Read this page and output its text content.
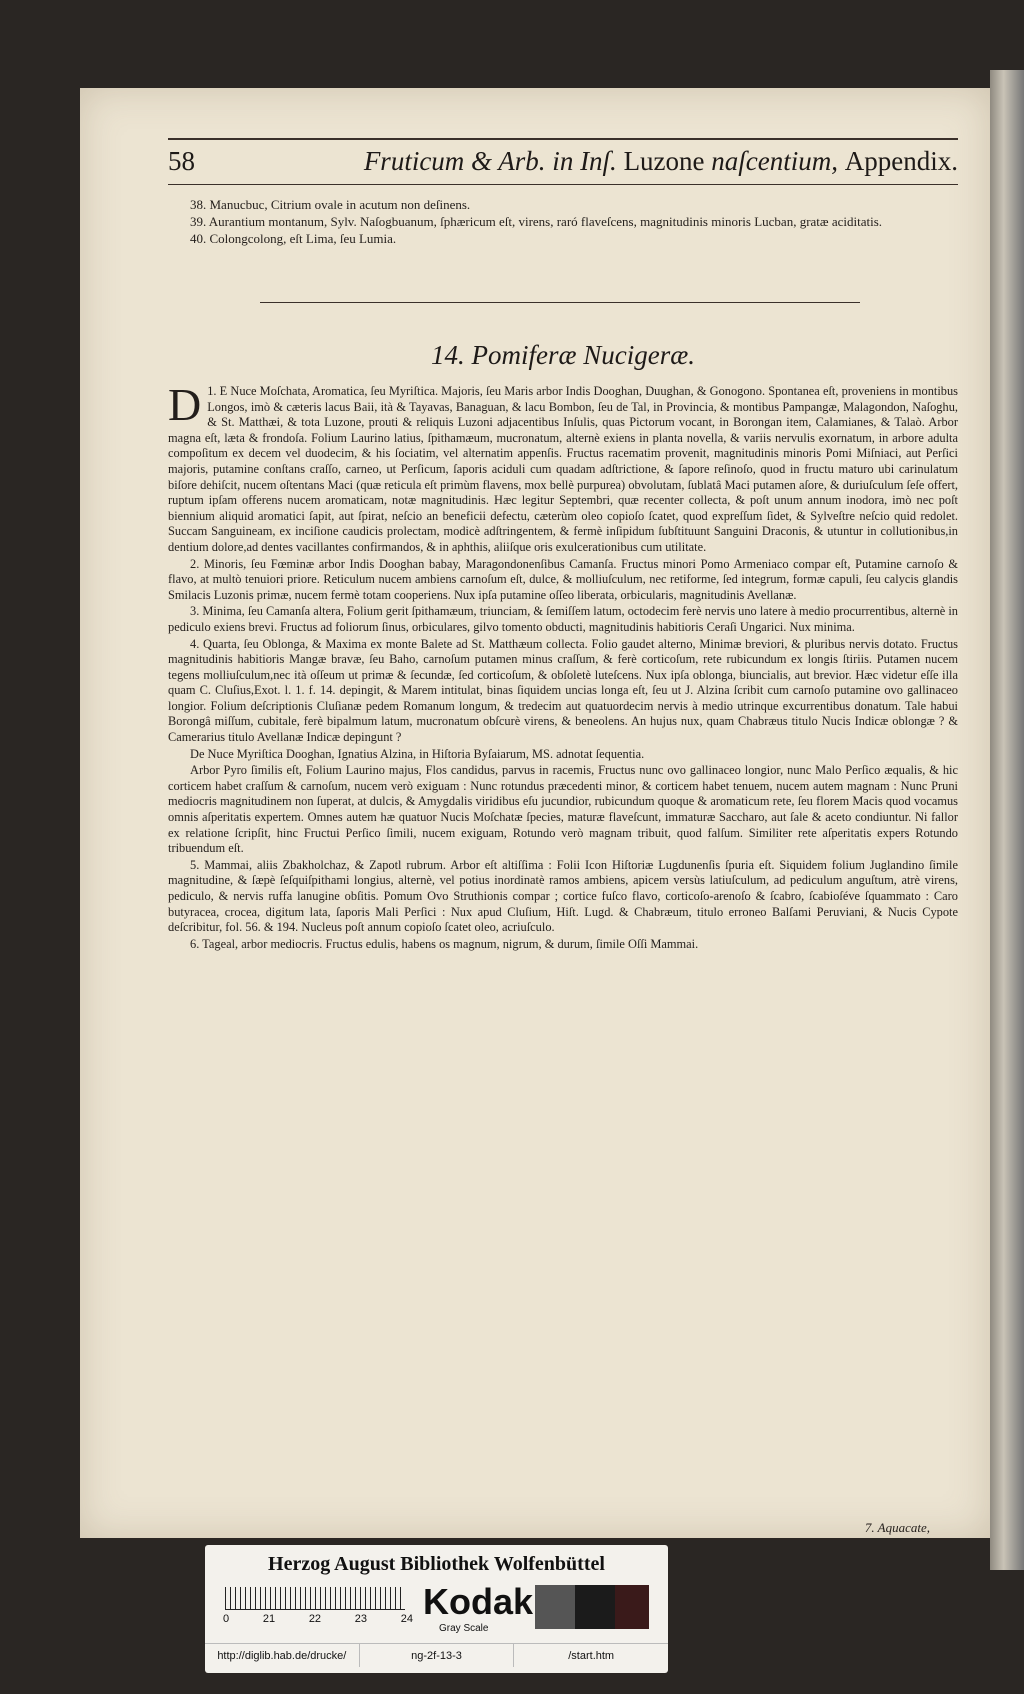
58	Fruticum & Arb. in Inſ. Luzone naſcentium, Appendix.

38. Manucbuc, Citrium ovale in acutum non deſinens.

39. Aurantium montanum, Sylv. Naſogbuanum, ſphæricum eſt, virens, raró flaveſcens, magnitudinis minoris Lucban, gratæ aciditatis.

40. Colongcolong, eſt Lima, ſeu Lumia.

14. Pomiferæ Nucigeræ.

D 1. E Nuce Moſchata, Aromatica, ſeu Myriſtica. Majoris, ſeu Maris arbor Indis Dooghan, Duughan, & Gonogono. Spontanea eſt, proveniens in montibus Longos, imò & cæteris lacus Baii, ità & Tayavas, Banaguan, & lacu Bombon, ſeu de Tal, in Provincia, & montibus Pampangæ, Malagondon, Naſoghu, & St. Matthæi, & tota Luzone, prouti & reliquis Luzoni adjacentibus Inſulis, quas Pictorum vocant, in Borongan item, Calamianes, & Talaò. Arbor magna eſt, læta & frondoſa. Folium Laurino latius, ſpithamæum, mucronatum, alternè exiens in planta novella, & variis nervulis exornatum, in arbore adulta compoſitum ex decem vel duodecim, & his ſociatim, vel alternatim appenſis. Fructus racematim provenit, magnitudinis minoris Pomi Miſniaci, aut Perſici majoris, putamine conſtans craſſo, carneo, ut Perſicum, ſaporis aciduli cum quadam adſtrictione, & ſapore reſinoſo, quod in fructu maturo ubi carinulatum biſore dehiſcit, nucem oſtentans Maci (quæ reticula eſt primùm flavens, mox bellè purpurea) obvolutam, ſublatâ Maci putamen aſore, & duriuſculum ſeſe offert, ruptum ipſam offerens nucem aromaticam, notæ magnitudinis. Hæc legitur Septembri, quæ recenter collecta, & poſt unum annum inodora, imò nec poſt biennium aliquid aromatici ſapit, aut ſpirat, neſcio an beneficii defectu, cæterùm oleo copioſo ſcatet, quod expreſſum ſidet, & Sylveſtre neſcio quid redolet. Succam Sanguineam, ex inciſione caudicis prolectam, modicè adſtringentem, & fermè inſipidum ſubſtituunt Sanguini Draconis, & utuntur in collutionibus,in dentium dolore,ad dentes vacillantes confirmandos, & in aphthis, aliiſque oris exulcerationibus cum utilitate.

2. Minoris, ſeu Fœminæ arbor Indis Dooghan babay, Maragondonenſibus Camanſa. Fructus minori Pomo Armeniaco compar eſt, Putamine carnoſo & flavo, at multò tenuiori priore. Reticulum nucem ambiens carnoſum eſt, dulce, & molliuſculum, nec retiforme, ſed integrum, formæ capuli, ſeu calycis glandis Smilacis Luzonis primæ, nucem fermè totam cooperiens. Nux ipſa putamine oſſeo liberata, orbicularis, magnitudinis Avellanæ.

3. Minima, ſeu Camanſa altera, Folium gerit ſpithamæum, triunciam, & ſemiſſem latum, octodecim ferè nervis uno latere à medio procurrentibus, alternè in pediculo exiens brevi. Fructus ad foliorum ſinus, orbiculares, gilvo tomento obducti, magnitudinis habitioris Ceraſi Ungarici. Nux minima.

4. Quarta, ſeu Oblonga, & Maxima ex monte Balete ad St. Matthæum collecta. Folio gaudet alterno, Minimæ breviori, & pluribus nervis dotato. Fructus magnitudinis habitioris Mangæ bravæ, ſeu Baho, carnoſum putamen minus craſſum, & ferè corticoſum, rete rubicundum ex longis ſtiriis. Putamen nucem tegens molliuſculum,nec ità oſſeum ut primæ & ſecundæ, ſed corticoſum, & obſoletè luteſcens. Nux ipſa oblonga, biuncialis, aut brevior. Hæc videtur eſſe illa quam C. Cluſius,Exot. l. 1. f. 14. depingit, & Marem intitulat, binas ſiquidem uncias longa eſt, ſeu ut J. Alzina ſcribit cum carnoſo putamine ovo gallinaceo longior. Folium deſcriptionis Cluſianæ pedem Romanum longum, & tredecim aut quatuordecim nervis à medio utrinque excurrentibus donatum. Tale habui Borongâ miſſum, cubitale, ferè bipalmum latum, mucronatum obſcurè virens, & beneolens. An hujus nux, quam Chabræus titulo Nucis Indicæ oblongæ ? & Camerarius titulo Avellanæ Indicæ depingunt ?

De Nuce Myriſtica Dooghan, Ignatius Alzina, in Hiſtoria Byſaiarum, MS. adnotat ſequentia.

Arbor Pyro ſimilis eſt, Folium Laurino majus, Flos candidus, parvus in racemis, Fructus nunc ovo gallinaceo longior, nunc Malo Perſico æqualis, & hic corticem habet craſſum & carnoſum, nucem verò exiguam : Nunc rotundus præcedenti minor, & corticem habet tenuem, nucem autem magnam : Nunc Pruni mediocris magnitudinem non ſuperat, at dulcis, & Amygdalis viridibus eſu jucundior, rubicundum quoque & aromaticum rete, ſeu florem Macis quod vocamus omnis aſperitatis expertem. Omnes autem hæ quatuor Nucis Moſchatæ ſpecies, maturæ flaveſcunt, immaturæ Saccharo, aut ſale & aceto condiuntur. Ni fallor ex relatione ſcripſit, hinc Fructui Perſico ſimili, nucem exiguam, Rotundo verò magnam tribuit, quod falſum. Similiter rete aſperitatis expers Rotundo tribuendum eſt.

5. Mammai, aliis Zbakholchaz, & Zapotl rubrum. Arbor eſt altiſſima : Folii Icon Hiſtoriæ Lugdunenſis ſpuria eſt. Siquidem folium Juglandino ſimile magnitudine, & ſæpè ſeſquiſpithami longius, alternè, vel potius inordinatè ramos ambiens, apicem versùs latiuſculum, ad pediculum anguſtum, atrè virens, pediculo, & nervis ruffa lanugine obſitis. Pomum Ovo Struthionis compar ; cortice fuſco flavo, corticoſo-arenoſo & ſcabro, ſcabioſéve ſquammato : Caro butyracea, crocea, digitum lata, ſaporis Mali Perſici : Nux apud Cluſium, Hiſt. Lugd. & Chabræum, titulo erroneo Balſami Peruviani, & Nucis Cypote deſcribitur, fol. 56. & 194. Nucleus poſt annum copioſo ſcatet oleo, acriuſculo.

6. Tageal, arbor mediocris. Fructus edulis, habens os magnum, nigrum, & durum, ſimile Oſſi Mammai.

7. Aquacate,
Herzog August Bibliothek Wolfenbüttel
0	21	22	23	24 Kodak
Gray Scale
http://diglib.hab.de/drucke/	ng-2f-13-3	/start.htm
